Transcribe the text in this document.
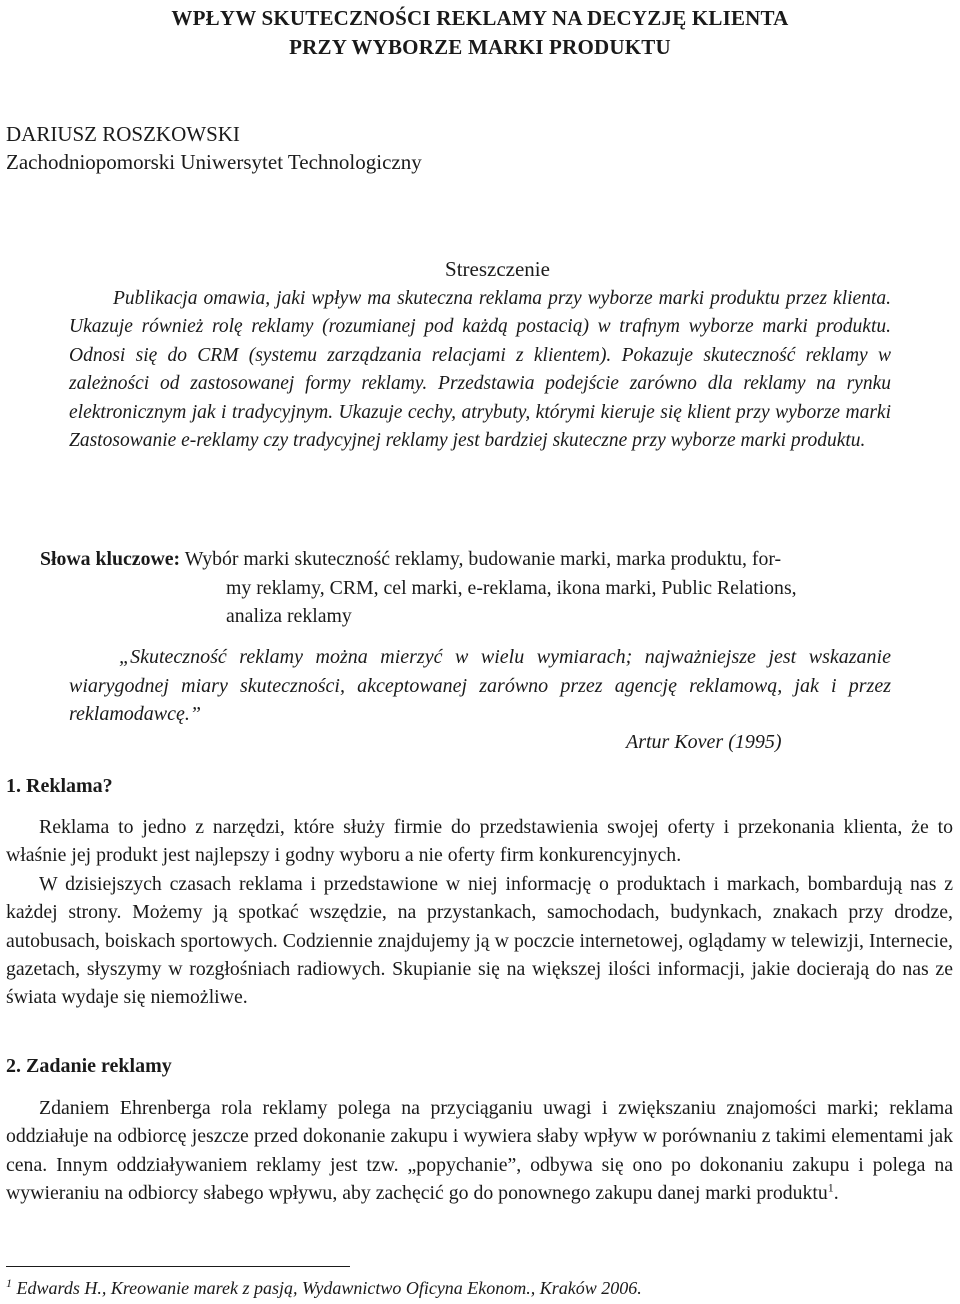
WPŁYW SKUTECZNOŚCI REKLAMY NA DECYZJĘ KLIENTA
PRZY WYBORZE MARKI PRODUKTU
DARIUSZ ROSZKOWSKI
Zachodniopomorski Uniwersytet Technologiczny
Streszczenie

Publikacja omawia, jaki wpływ ma skuteczna reklama przy wyborze marki produktu przez klienta. Ukazuje również rolę reklamy (rozumianej pod każdą postacią) w trafnym wyborze marki produktu. Odnosi się do CRM (systemu zarządzania relacjami z klientem). Pokazuje skuteczność reklamy w zależności od zastosowanej formy reklamy. Przedstawia podejście zarówno dla reklamy na rynku elektronicznym jak i tradycyjnym. Ukazuje cechy, atrybuty, którymi kieruje się klient przy wyborze marki Zastosowanie e-reklamy czy tradycyjnej reklamy jest bardziej skuteczne przy wyborze marki produktu.

Słowa kluczowe: Wybór marki skuteczność reklamy, budowanie marki, marka produktu, for-
my reklamy, CRM, cel marki, e-reklama, ikona marki, Public Relations,
analiza reklamy

„Skuteczność reklamy można mierzyć w wielu wymiarach; najważniejsze jest wskazanie wiarygodnej miary skuteczności, akceptowanej zarówno przez agencję reklamową, jak i przez reklamodawcę.”

Artur Kover (1995)
1. Reklama?

Reklama to jedno z narzędzi, które służy firmie do przedstawienia swojej oferty i przekonania klienta, że to właśnie jej produkt jest najlepszy i godny wyboru a nie oferty firm konkurencyjnych.

W dzisiejszych czasach reklama i przedstawione w niej informację o produktach i markach, bombardują nas z każdej strony. Możemy ją spotkać wszędzie, na przystankach, samochodach, budynkach, znakach przy drodze, autobusach, boiskach sportowych. Codziennie znajdujemy ją w poczcie internetowej, oglądamy w telewizji, Internecie, gazetach, słyszymy w rozgłośniach radiowych. Skupianie się na większej ilości informacji, jakie docierają do nas ze świata wydaje się niemożliwe.

2. Zadanie reklamy

Zdaniem Ehrenberga rola reklamy polega na przyciąganiu uwagi i zwiększaniu znajomości marki; reklama oddziałuje na odbiorcę jeszcze przed dokonanie zakupu i wywiera słaby wpływ w porównaniu z takimi elementami jak cena. Innym oddziaływaniem reklamy jest tzw. „popychanie”, odbywa się ono po dokonaniu zakupu i polega na wywieraniu na odbiorcy słabego wpływu, aby zachęcić go do ponownego zakupu danej marki produktu$^1$.

$^1$ Edwards H., Kreowanie marek z pasją, Wydawnictwo Oficyna Ekonom., Kraków 2006.
